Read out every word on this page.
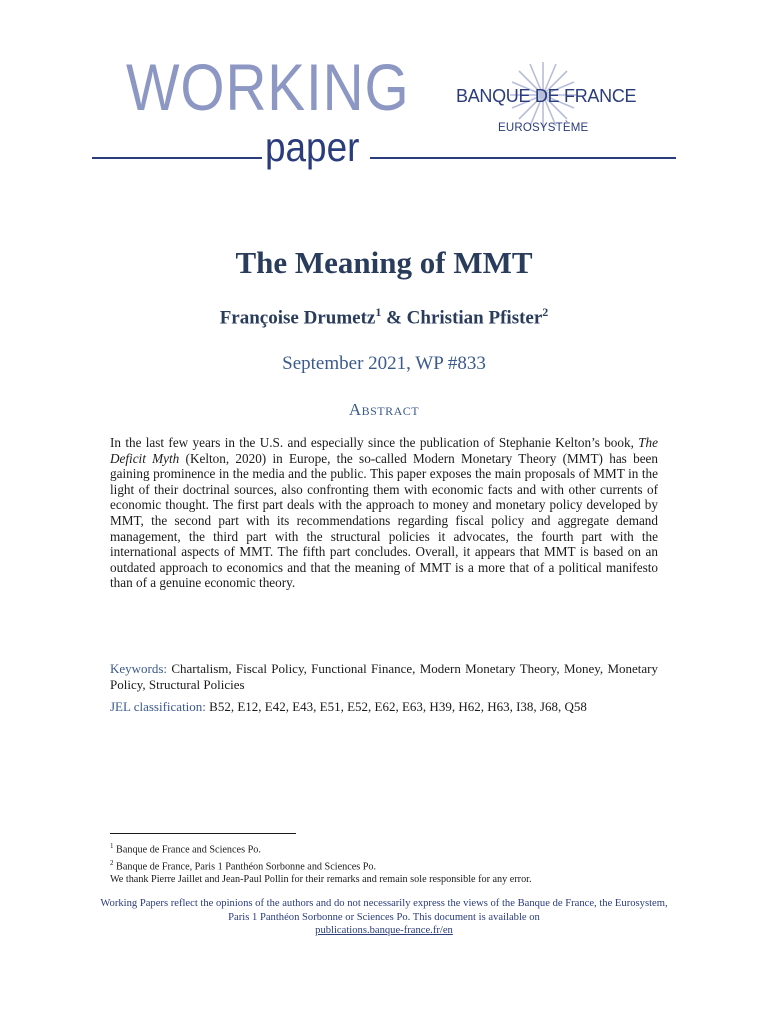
WORKING
paper
BANQUE DE FRANCE
EUROSYSTÈME
The Meaning of MMT
Françoise Drumetz$^1$ & Christian Pfister$^2$
September 2021, WP #833
Abstract
In the last few years in the U.S. and especially since the publication of Stephanie Kelton’s book, The Deficit Myth (Kelton, 2020) in Europe, the so-called Modern Monetary Theory (MMT) has been gaining prominence in the media and the public. This paper exposes the main proposals of MMT in the light of their doctrinal sources, also confronting them with economic facts and with other currents of economic thought. The first part deals with the approach to money and monetary policy developed by MMT, the second part with its recommendations regarding fiscal policy and aggregate demand management, the third part with the structural policies it advocates, the fourth part with the international aspects of MMT. The fifth part concludes. Overall, it appears that MMT is based on an outdated approach to economics and that the meaning of MMT is a more that of a political manifesto than of a genuine economic theory.
Keywords: Chartalism, Fiscal Policy, Functional Finance, Modern Monetary Theory, Money, Monetary Policy, Structural Policies
JEL classification: B52, E12, E42, E43, E51, E52, E62, E63, H39, H62, H63, I38, J68, Q58
$^1$ Banque de France and Sciences Po.
$^2$ Banque de France, Paris 1 Panthéon Sorbonne and Sciences Po.
We thank Pierre Jaillet and Jean-Paul Pollin for their remarks and remain sole responsible for any error.
Working Papers reflect the opinions of the authors and do not necessarily express the views of the Banque de France, the Eurosystem, Paris 1 Panthéon Sorbonne or Sciences Po. This document is available on
publications.banque-france.fr/en
